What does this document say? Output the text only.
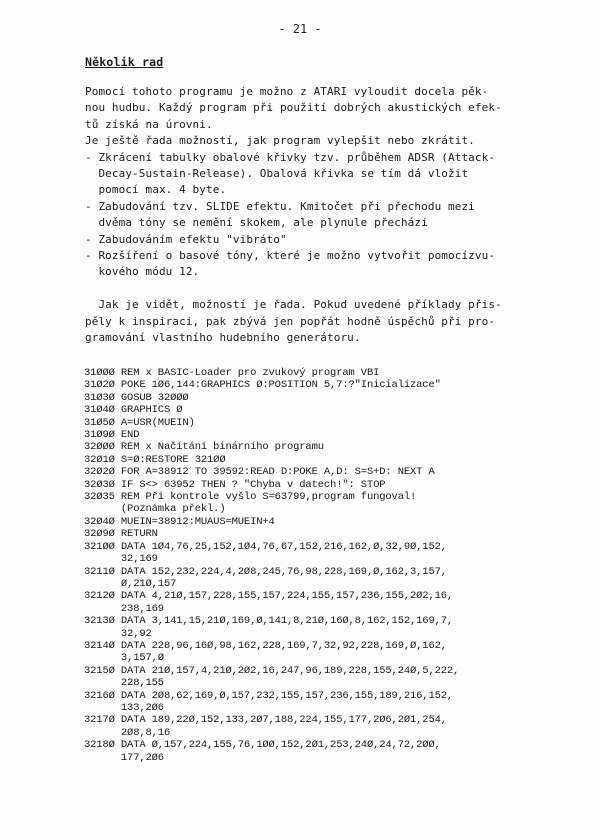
- 21 -
Několik rad
Pomocí tohoto programu je možno z ATARI vyloudit docela pěk-
nou hudbu. Každý program při použití dobrých akustických efek-
tů získá na úrovni.
Je ještě řada možností, jak program vylepšit nebo zkrátit.
- Zkrácení tabulky obalové křivky tzv. průběhem ADSR (Attack-
Decay-Sustain-Release). Obalová křivka se tím dá vložit
pomocí max. 4 byte.
- Zabudování tzv. SLIDE efektu. Kmitočet při přechodu mezi
dvěma tóny se nemění skokem, ale plynule přechází
- Zabudováním efektu "vibráto"
- Rozšíření o basové tóny, které je možno vytvořit pomocízvu-
kového módu 12.

Jak je vidět, možností je řada. Pokud uvedené příklady přis-
pěly k inspiraci, pak zbývá jen popřát hodně úspěchů při pro-
gramování vlastního hudebního generátoru.
31ØØØ REM x BASIC-Loader pro zvukový program VBI
31Ø2Ø POKE 1Ø6,144:GRAPHICS Ø:POSITION 5,7:?"Inicializace"
31Ø3Ø GOSUB 32ØØØ
31Ø4Ø GRAPHICS Ø
31Ø5Ø A=USR(MUEIN)
31Ø9Ø END
32ØØØ REM x Načítání binárního programu
32Ø1Ø S=Ø:RESTORE 321ØØ
32Ø2Ø FOR A=38912 TO 39592:READ D:POKE A,D: S=S+D: NEXT A
32Ø3Ø IF S<> 63952 THEN ? "Chyba v datech!": STOP
32Ø35 REM Při kontrole vyšlo S=63799,program fungoval!
(Poznámka překl.)
32Ø4Ø MUEIN=38912:MUAUS=MUEIN+4
32Ø9Ø RETURN
321ØØ DATA 1Ø4,76,25,152,1Ø4,76,67,152,216,162,Ø,32,9Ø,152,
32,169
3211Ø DATA 152,232,224,4,2Ø8,245,76,98,228,169,Ø,162,3,157,
Ø,21Ø,157
3212Ø DATA 4,21Ø,157,228,155,157,224,155,157,236,155,2Ø2,16,
238,169
3213Ø DATA 3,141,15,21Ø,169,Ø,141,8,21Ø,16Ø,8,162,152,169,7,
32,92
3214Ø DATA 228,96,16Ø,98,162,228,169,7,32,92,228,169,Ø,162,
3,157,Ø
3215Ø DATA 21Ø,157,4,21Ø,2Ø2,16,247,96,189,228,155,24Ø,5,222,
228,155
3216Ø DATA 2Ø8,62,169,Ø,157,232,155,157,236,155,189,216,152,
133,2Ø6
3217Ø DATA 189,22Ø,152,133,2Ø7,188,224,155,177,2Ø6,2Ø1,254,
2Ø8,8,16
3218Ø DATA Ø,157,224,155,76,1ØØ,152,2Ø1,253,24Ø,24,72,2ØØ,
177,2Ø6
